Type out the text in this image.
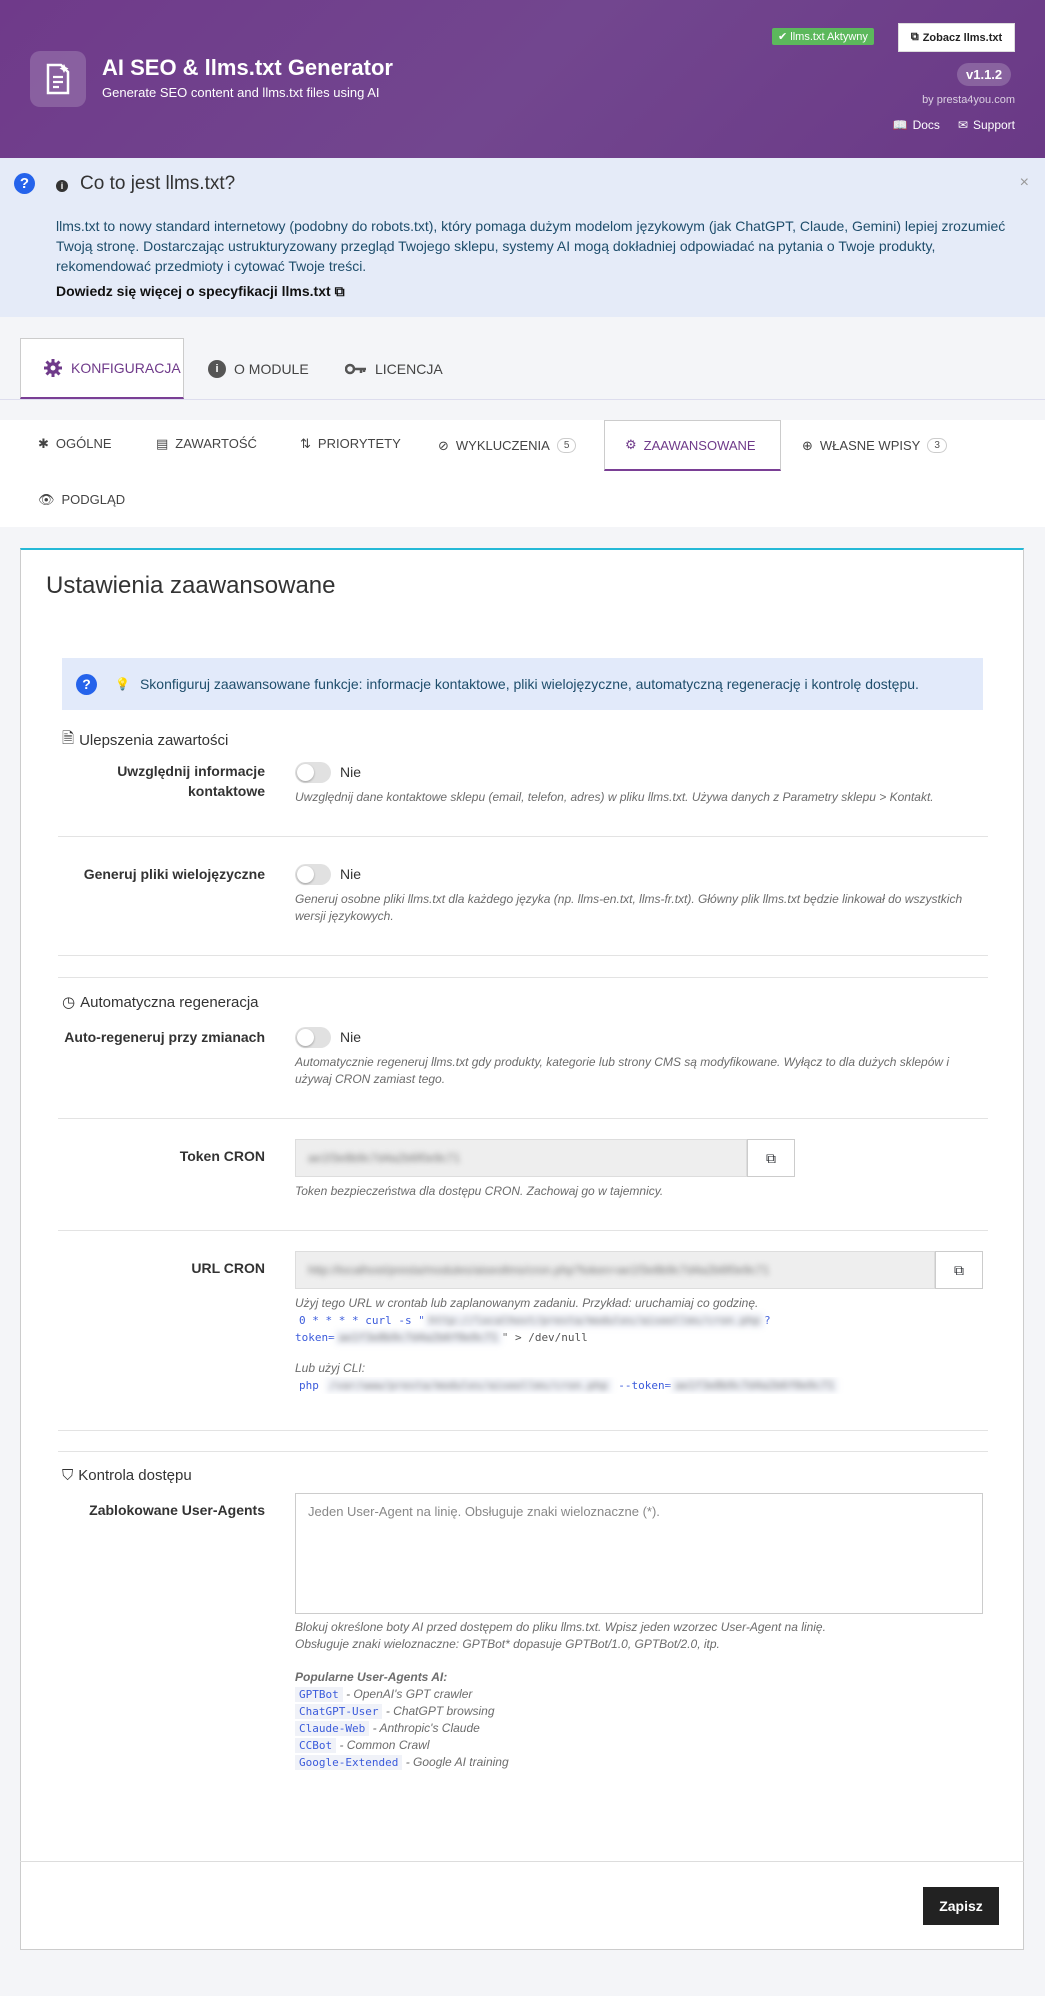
AI SEO & llms.txt Generator
Generate SEO content and llms.txt files using AI
✔ llms.txt Aktywny	⧉ Zobacz llms.txt
v1.1.2
by presta4you.com
📖 Docs ✉ Support
?	i Co to jest llms.txt?	×
llms.txt to nowy standard internetowy (podobny do robots.txt), który pomaga dużym modelom językowym (jak ChatGPT, Claude, Gemini) lepiej zrozumieć Twoją stronę. Dostarczając ustrukturyzowany przegląd Twojego sklepu, systemy AI mogą dokładniej odpowiadać na pytania o Twoje produkty, rekomendować przedmioty i cytować Twoje treści.
Dowiedz się więcej o specyfikacji llms.txt ⧉
KONFIGURACJA	i	O MODULE	LICENCJA
✱ OGÓLNE	▤ ZAWARTOŚĆ	⇅ PRIORYTETY	⊘ WYKLUCZENIA	5	⚙ ZAAWANSOWANE	⊕ WŁASNE WPISY	3
👁 PODGLĄD
Ustawienia zaawansowane
?	💡 Skonfiguruj zaawansowane funkcje: informacje kontaktowe, pliki wielojęzyczne, automatyczną regenerację i kontrolę dostępu.
🗎 Ulepszenia zawartości
Uwzględnij informacje
kontaktowe
Nie
Uwzględnij dane kontaktowe sklepu (email, telefon, adres) w pliku llms.txt. Używa danych z Parametry sklepu > Kontakt.
Generuj pliki wielojęzyczne	Nie
Generuj osobne pliki llms.txt dla każdego języka (np. llms-en.txt, llms-fr.txt). Główny plik llms.txt będzie linkował do wszystkich wersji językowych.
◷ Automatyczna regeneracja
Auto-regeneruj przy zmianach	Nie
Automatycznie regeneruj llms.txt gdy produkty, kategorie lub strony CMS są modyfikowane. Wyłącz to dla dużych sklepów i używaj CRON zamiast tego.
Token CRON	ae1f3e8b9c7d4a2b6f0e9c71	⧉
Token bezpieczeństwa dla dostępu CRON. Zachowaj go w tajemnicy.
URL CRON	http://localhost/presta/modules/aiseollms/cron.php?token=ae1f3e8b9c7d4a2b6f0e9c71	⧉
Użyj tego URL w crontab lub zaplanowanym zadaniu. Przykład: uruchamiaj co godzinę.
0 * * * * curl -s " http://localhost/presta/modules/aiseollms/cron.php ?
token= ae1f3e8b9c7d4a2b6f0e9c71 " > /dev/null
Lub użyj CLI:
php /var/www/presta/modules/aiseollms/cron.php --token= ae1f3e8b9c7d4a2b6f0e9c71
⛉ Kontrola dostępu
Zablokowane User-Agents	Jeden User-Agent na linię. Obsługuje znaki wieloznaczne (*).
Blokuj określone boty AI przed dostępem do pliku llms.txt. Wpisz jeden wzorzec User-Agent na linię.
Obsługuje znaki wieloznaczne: GPTBot* dopasuje GPTBot/1.0, GPTBot/2.0, itp.
Popularne User-Agents AI:
GPTBot - OpenAI's GPT crawler
ChatGPT-User - ChatGPT browsing
Claude-Web - Anthropic's Claude
CCBot - Common Crawl
Google-Extended - Google AI training
Zapisz
